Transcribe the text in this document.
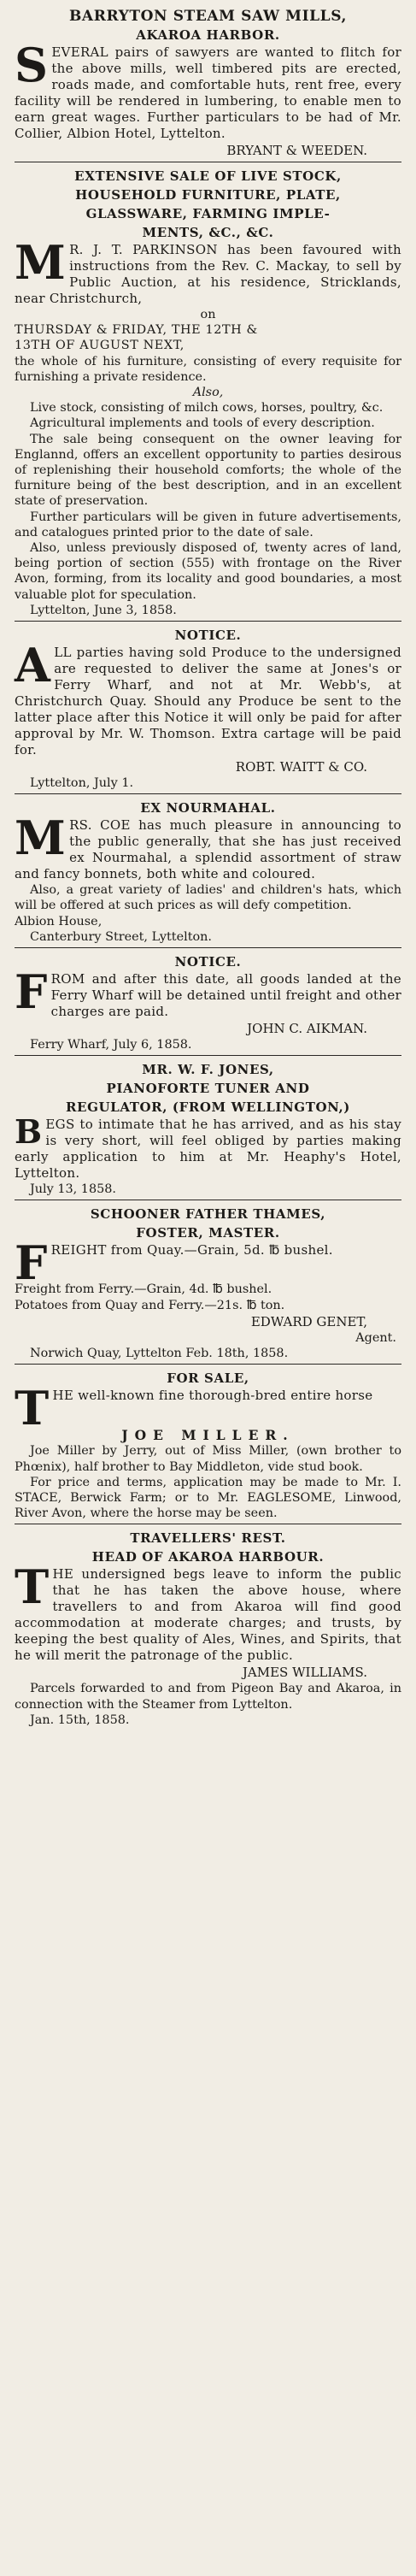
BARRYTON STEAM SAW MILLS,
AKAROA HARBOR.

SEVERAL pairs of sawyers are wanted to flitch for the above mills, well timbered pits are erected, roads made, and comfortable huts, rent free, every facility will be rendered in lumbering, to enable men to earn great wages. Further particulars to be had of Mr. Collier, Albion Hotel, Lyttelton.

BRYANT & WEEDEN.
EXTENSIVE SALE OF LIVE STOCK,
HOUSEHOLD FURNITURE, PLATE,
GLASSWARE, FARMING IMPLE-
MENTS, &C., &C.

M R. J. T. PARKINSON has been favoured with instructions from the Rev. C. Mackay, to sell by Public Auction, at his residence, Stricklands, near Christchurch,

on
THURSDAY & FRIDAY, THE 12TH &
13TH OF AUGUST NEXT,

the whole of his furniture, consisting of every requisite for furnishing a private residence.

Also,

Live stock, consisting of milch cows, horses, poultry, &c.

Agricultural implements and tools of every description.

The sale being consequent on the owner leaving for Englannd, offers an excellent opportunity to parties desirous of replenishing their household comforts; the whole of the furniture being of the best description, and in an excellent state of preservation.

Further particulars will be given in future advertisements, and catalogues printed prior to the date of sale.

Also, unless previously disposed of, twenty acres of land, being portion of section (555) with frontage on the River Avon, forming, from its locality and good boundaries, a most valuable plot for speculation.

Lyttelton, June 3, 1858.
NOTICE.

ALL parties having sold Produce to the undersigned are requested to deliver the same at Jones's or Ferry Wharf, and not at Mr. Webb's, at Christchurch Quay. Should any Produce be sent to the latter place after this Notice it will only be paid for after approval by Mr. W. Thomson. Extra cartage will be paid for.

ROBT. WAITT & CO.
Lyttelton, July 1.
EX NOURMAHAL.

MRS. COE has much pleasure in announcing to the public generally, that she has just received ex Nourmahal, a splendid assortment of straw and fancy bonnets, both white and coloured.

Also, a great variety of ladies' and children's hats, which will be offered at such prices as will defy competition.

Albion House,
Canterbury Street, Lyttelton.
NOTICE.

FROM and after this date, all goods landed at the Ferry Wharf will be detained until freight and other charges are paid.

JOHN C. AIKMAN.
Ferry Wharf, July 6, 1858.
MR. W. F. JONES,
PIANOFORTE TUNER AND
REGULATOR, (FROM WELLINGTON,)

BEGS to intimate that he has arrived, and as his stay is very short, will feel obliged by parties making early application to him at Mr. Heaphy's Hotel, Lyttelton.

July 13, 1858.
SCHOONER FATHER THAMES,
FOSTER, MASTER.

FREIGHT from Quay.—Grain, 5d. ℔ bushel.

Freight from Ferry.—Grain, 4d. ℔ bushel.
Potatoes from Quay and Ferry.—21s. ℔ ton.
EDWARD GENET,
Agent.
Norwich Quay, Lyttelton Feb. 18th, 1858.
FOR SALE,

THE well-known fine thorough-bred entire horse

JOE MILLER.

Joe Miller by Jerry, out of Miss Miller, (own brother to Phœnix), half brother to Bay Middleton, vide stud book.

For price and terms, application may be made to Mr. I. STACE, Berwick Farm; or to Mr. EAGLESOME, Linwood, River Avon, where the horse may be seen.

TRAVELLERS' REST.
HEAD OF AKAROA HARBOUR.

THE undersigned begs leave to inform the public that he has taken the above house, where travellers to and from Akaroa will find good accommodation at moderate charges; and trusts, by keeping the best quality of Ales, Wines, and Spirits, that he will merit the patronage of the public.

JAMES WILLIAMS.

Parcels forwarded to and from Pigeon Bay and Akaroa, in connection with the Steamer from Lyttelton.

Jan. 15th, 1858.
